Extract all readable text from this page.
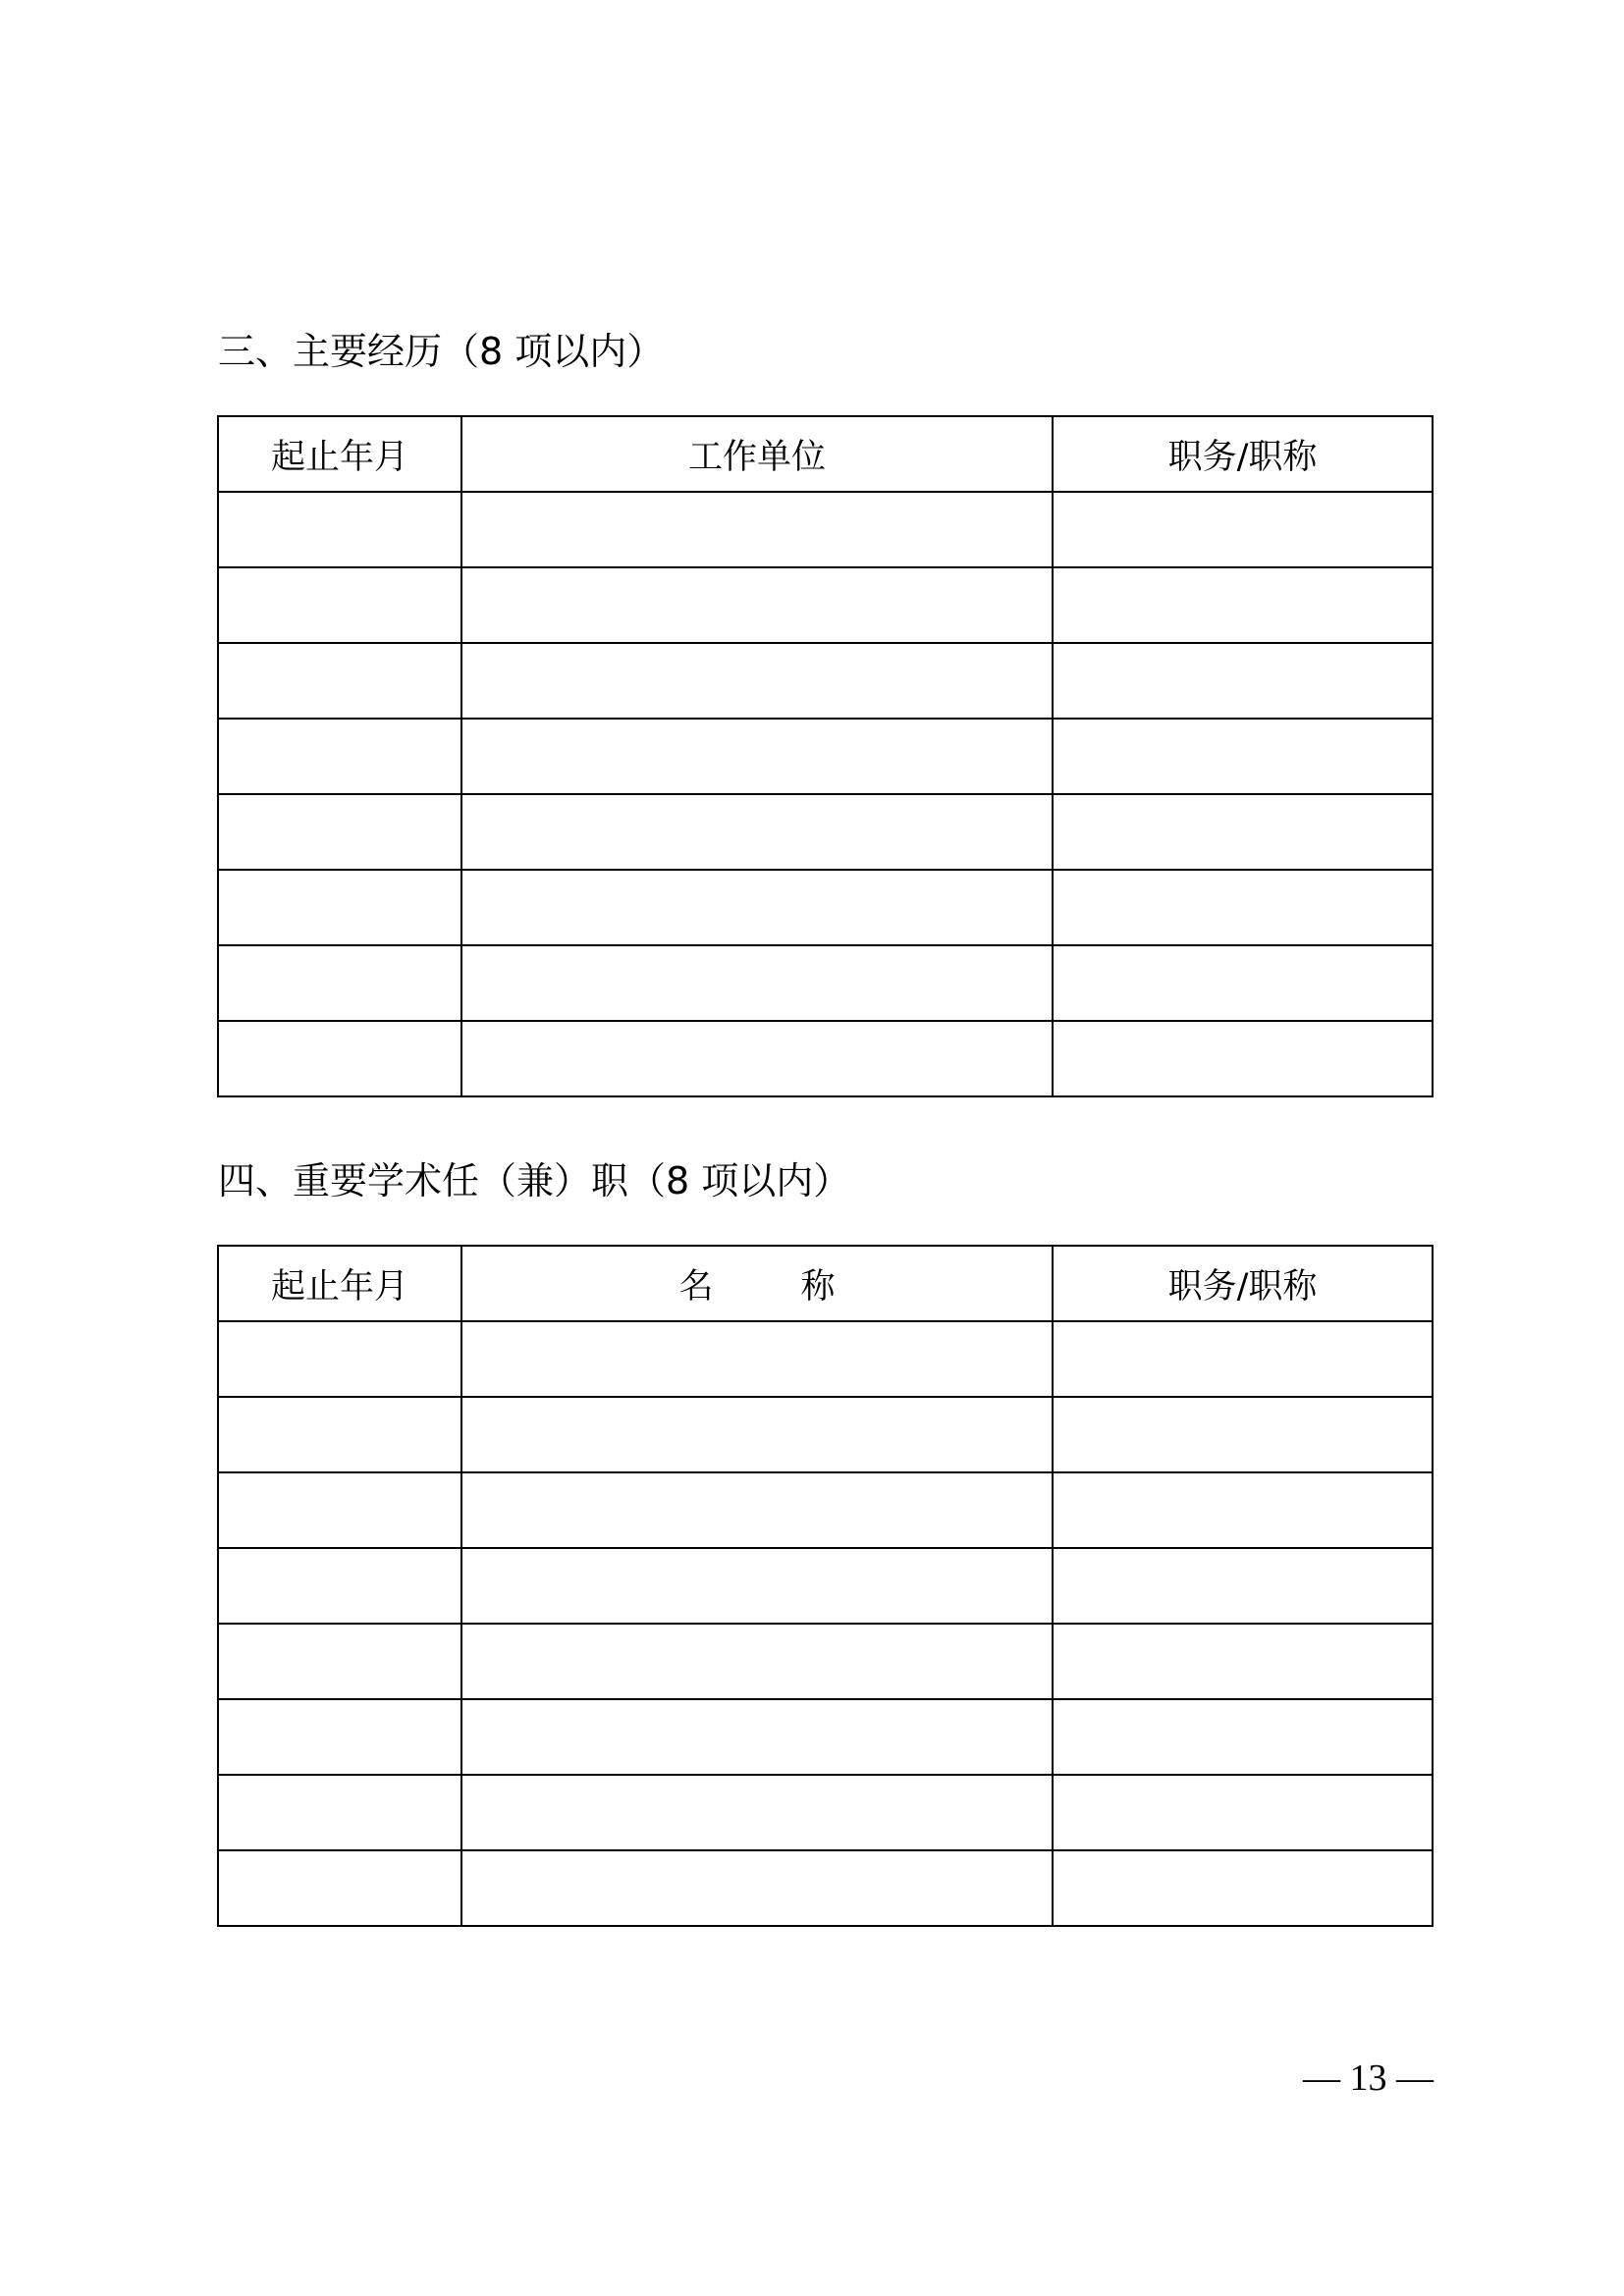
三、主要经历（8 项以内）
起止年月	工作单位	职务/职称

四、重要学术任（兼）职（8 项以内）
起止年月	名        称	职务/职称

— 13 —
